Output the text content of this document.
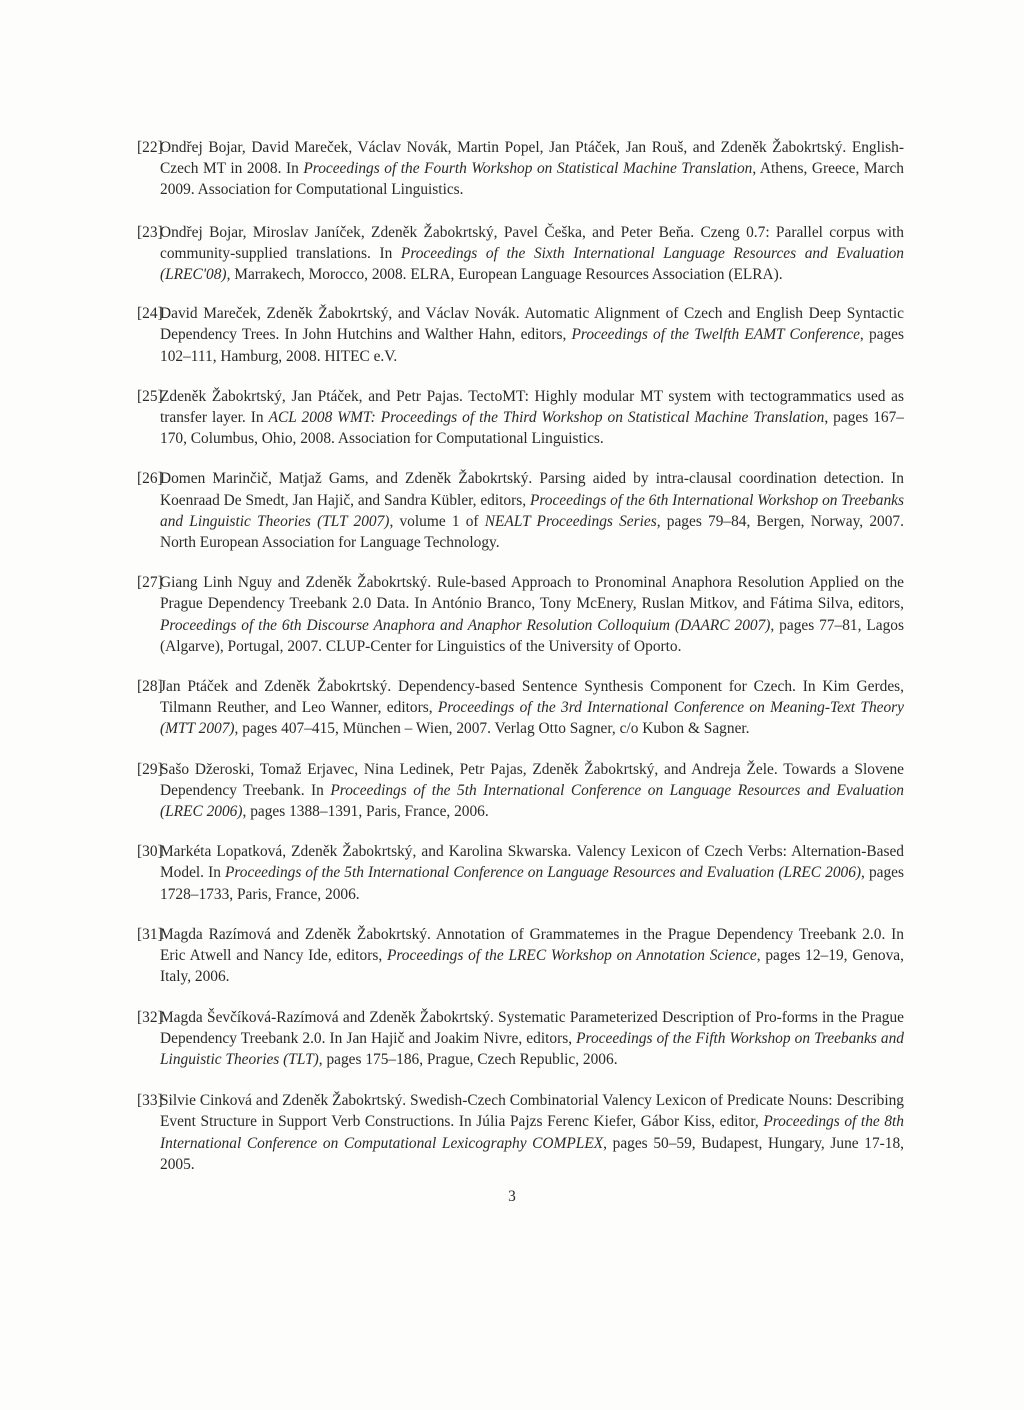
[22]
Ondřej Bojar, David Mareček, Václav Novák, Martin Popel, Jan Ptáček, Jan Rouš, and Zdeněk Žabokrtský. English-Czech MT in 2008. In Proceedings of the Fourth Workshop on Statistical Machine Translation, Athens, Greece, March 2009. Association for Computational Linguistics.
[23]
Ondřej Bojar, Miroslav Janíček, Zdeněk Žabokrtský, Pavel Češka, and Peter Beňa. Czeng 0.7: Parallel corpus with community-supplied translations. In Proceedings of the Sixth International Language Resources and Evaluation (LREC'08), Marrakech, Morocco, 2008. ELRA, European Language Resources Association (ELRA).
[24]
David Mareček, Zdeněk Žabokrtský, and Václav Novák. Automatic Alignment of Czech and English Deep Syntactic Dependency Trees. In John Hutchins and Walther Hahn, editors, Proceedings of the Twelfth EAMT Conference, pages 102–111, Hamburg, 2008. HITEC e.V.
[25]
Zdeněk Žabokrtský, Jan Ptáček, and Petr Pajas. TectoMT: Highly modular MT system with tectogrammatics used as transfer layer. In ACL 2008 WMT: Proceedings of the Third Workshop on Statistical Machine Translation, pages 167–170, Columbus, Ohio, 2008. Association for Computational Linguistics.
[26]
Domen Marinčič, Matjaž Gams, and Zdeněk Žabokrtský. Parsing aided by intra-clausal coordination detection. In Koenraad De Smedt, Jan Hajič, and Sandra Kübler, editors, Proceedings of the 6th International Workshop on Treebanks and Linguistic Theories (TLT 2007), volume 1 of NEALT Proceedings Series, pages 79–84, Bergen, Norway, 2007. North European Association for Language Technology.
[27]
Giang Linh Nguy and Zdeněk Žabokrtský. Rule-based Approach to Pronominal Anaphora Resolution Applied on the Prague Dependency Treebank 2.0 Data. In António Branco, Tony McEnery, Ruslan Mitkov, and Fátima Silva, editors, Proceedings of the 6th Discourse Anaphora and Anaphor Resolution Colloquium (DAARC 2007), pages 77–81, Lagos (Algarve), Portugal, 2007. CLUP-Center for Linguistics of the University of Oporto.
[28]
Jan Ptáček and Zdeněk Žabokrtský. Dependency-based Sentence Synthesis Component for Czech. In Kim Gerdes, Tilmann Reuther, and Leo Wanner, editors, Proceedings of the 3rd International Conference on Meaning-Text Theory (MTT 2007), pages 407–415, München – Wien, 2007. Verlag Otto Sagner, c/o Kubon & Sagner.
[29]
Sašo Džeroski, Tomaž Erjavec, Nina Ledinek, Petr Pajas, Zdeněk Žabokrtský, and Andreja Žele. Towards a Slovene Dependency Treebank. In Proceedings of the 5th International Conference on Language Resources and Evaluation (LREC 2006), pages 1388–1391, Paris, France, 2006.
[30]
Markéta Lopatková, Zdeněk Žabokrtský, and Karolina Skwarska. Valency Lexicon of Czech Verbs: Alternation-Based Model. In Proceedings of the 5th International Conference on Language Resources and Evaluation (LREC 2006), pages 1728–1733, Paris, France, 2006.
[31]
Magda Razímová and Zdeněk Žabokrtský. Annotation of Grammatemes in the Prague Dependency Treebank 2.0. In Eric Atwell and Nancy Ide, editors, Proceedings of the LREC Workshop on Annotation Science, pages 12–19, Genova, Italy, 2006.
[32]
Magda Ševčíková-Razímová and Zdeněk Žabokrtský. Systematic Parameterized Description of Pro-forms in the Prague Dependency Treebank 2.0. In Jan Hajič and Joakim Nivre, editors, Proceedings of the Fifth Workshop on Treebanks and Linguistic Theories (TLT), pages 175–186, Prague, Czech Republic, 2006.
[33]
Silvie Cinková and Zdeněk Žabokrtský. Swedish-Czech Combinatorial Valency Lexicon of Predicate Nouns: Describing Event Structure in Support Verb Constructions. In Júlia Pajzs Ferenc Kiefer, Gábor Kiss, editor, Proceedings of the 8th International Conference on Computational Lexicography COMPLEX, pages 50–59, Budapest, Hungary, June 17-18, 2005.
3
